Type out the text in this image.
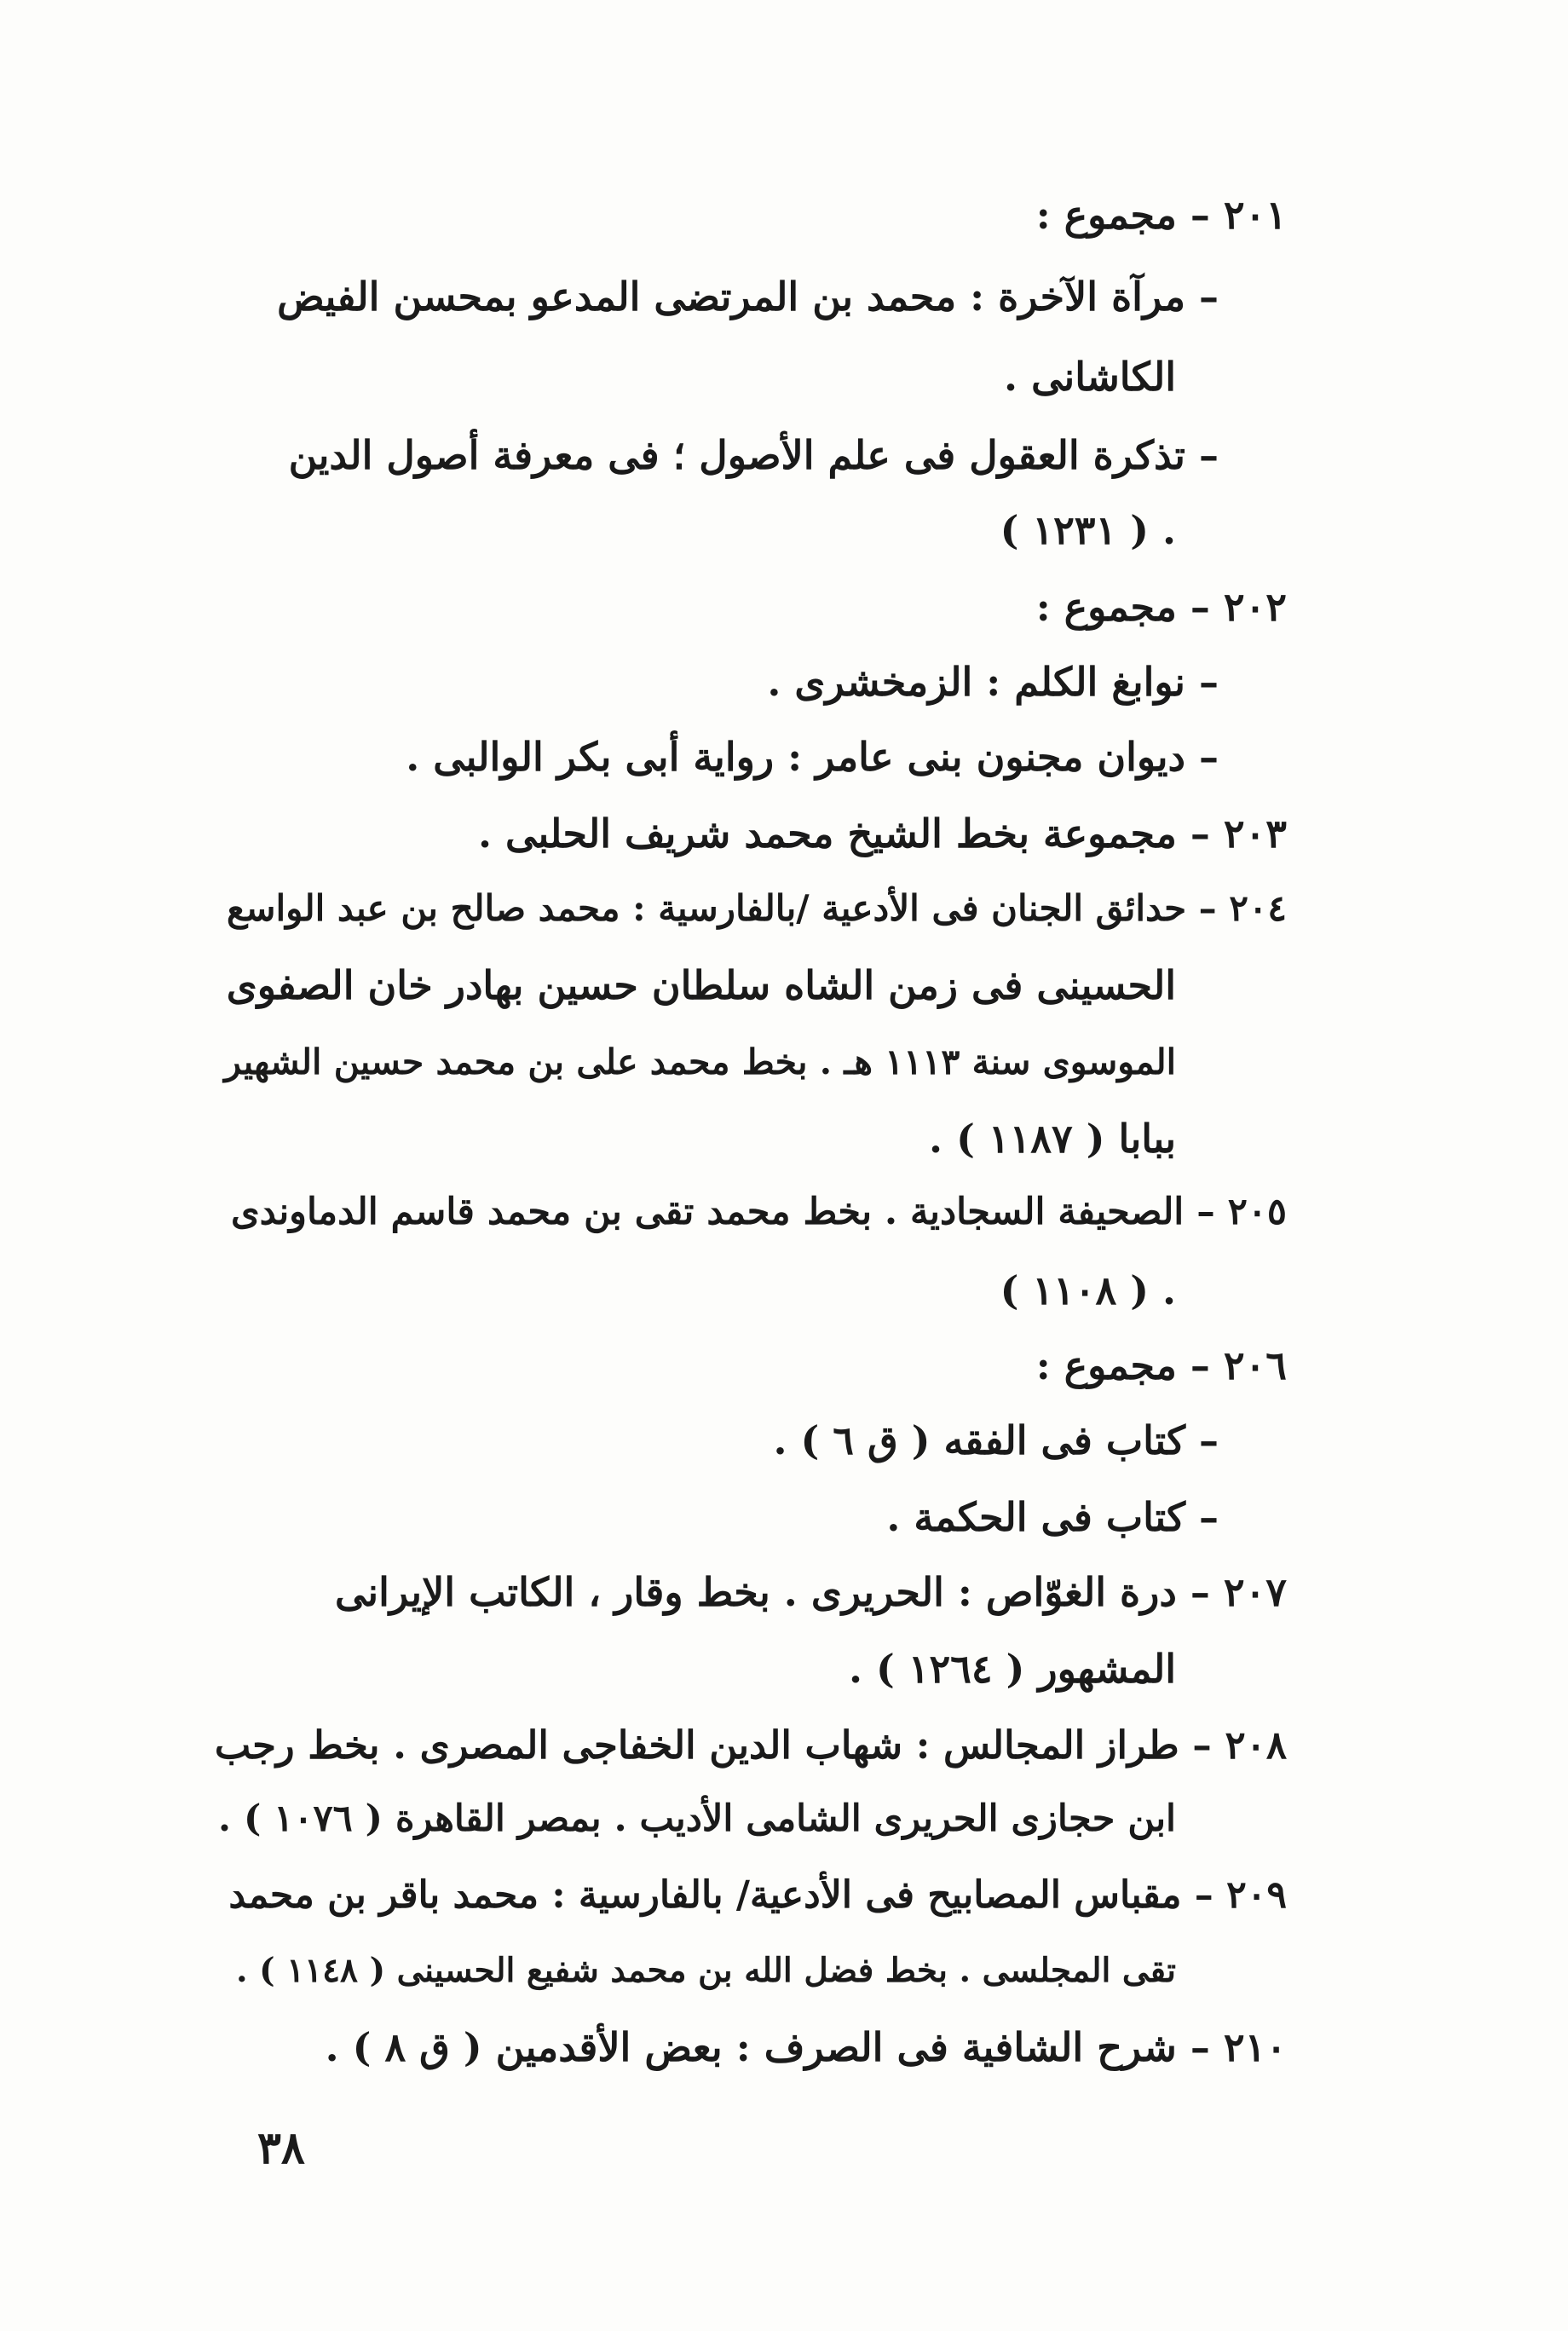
٢٠١ – مجموع :
– مرآة الآخرة : محمد بن المرتضى المدعو بمحسن الفيض
الكاشانى .
– تذكرة العقول فى علم الأصول ؛ فى معرفة أصول الدين
( ١٢٣١ ) .
٢٠٢ – مجموع :
– نوابغ الكلم : الزمخشرى .
– ديوان مجنون بنى عامر : رواية أبى بكر الوالبى .
٢٠٣ – مجموعة بخط الشيخ محمد شريف الحلبى .
٢٠٤ – حدائق الجنان فى الأدعية /بالفارسية : محمد صالح بن عبد الواسع
الحسينى فى زمن الشاه سلطان حسين بهادر خان الصفوى
الموسوى سنة ١١١٣ هـ . بخط محمد على بن محمد حسين الشهير
ببابا ( ١١٨٧ ) .
٢٠٥ – الصحيفة السجادية . بخط محمد تقى بن محمد قاسم الدماوندى
( ١١٠٨ ) .
٢٠٦ – مجموع :
– كتاب فى الفقه ( ق ٦ ) .
– كتاب فى الحكمة .
٢٠٧ – درة الغوّاص : الحريرى . بخط وقار ، الكاتب الإيرانى
المشهور ( ١٢٦٤ ) .
٢٠٨ – طراز المجالس : شهاب الدين الخفاجى المصرى . بخط رجب
ابن حجازى الحريرى الشامى الأديب . بمصر القاهرة ( ١٠٧٦ ) .
٢٠٩ – مقباس المصابيح فى الأدعية/ بالفارسية : محمد باقر بن محمد
تقى المجلسى . بخط فضل الله بن محمد شفيع الحسينى ( ١١٤٨ ) .
٢١٠ – شرح الشافية فى الصرف : بعض الأقدمين ( ق ٨ ) .
٣٨
